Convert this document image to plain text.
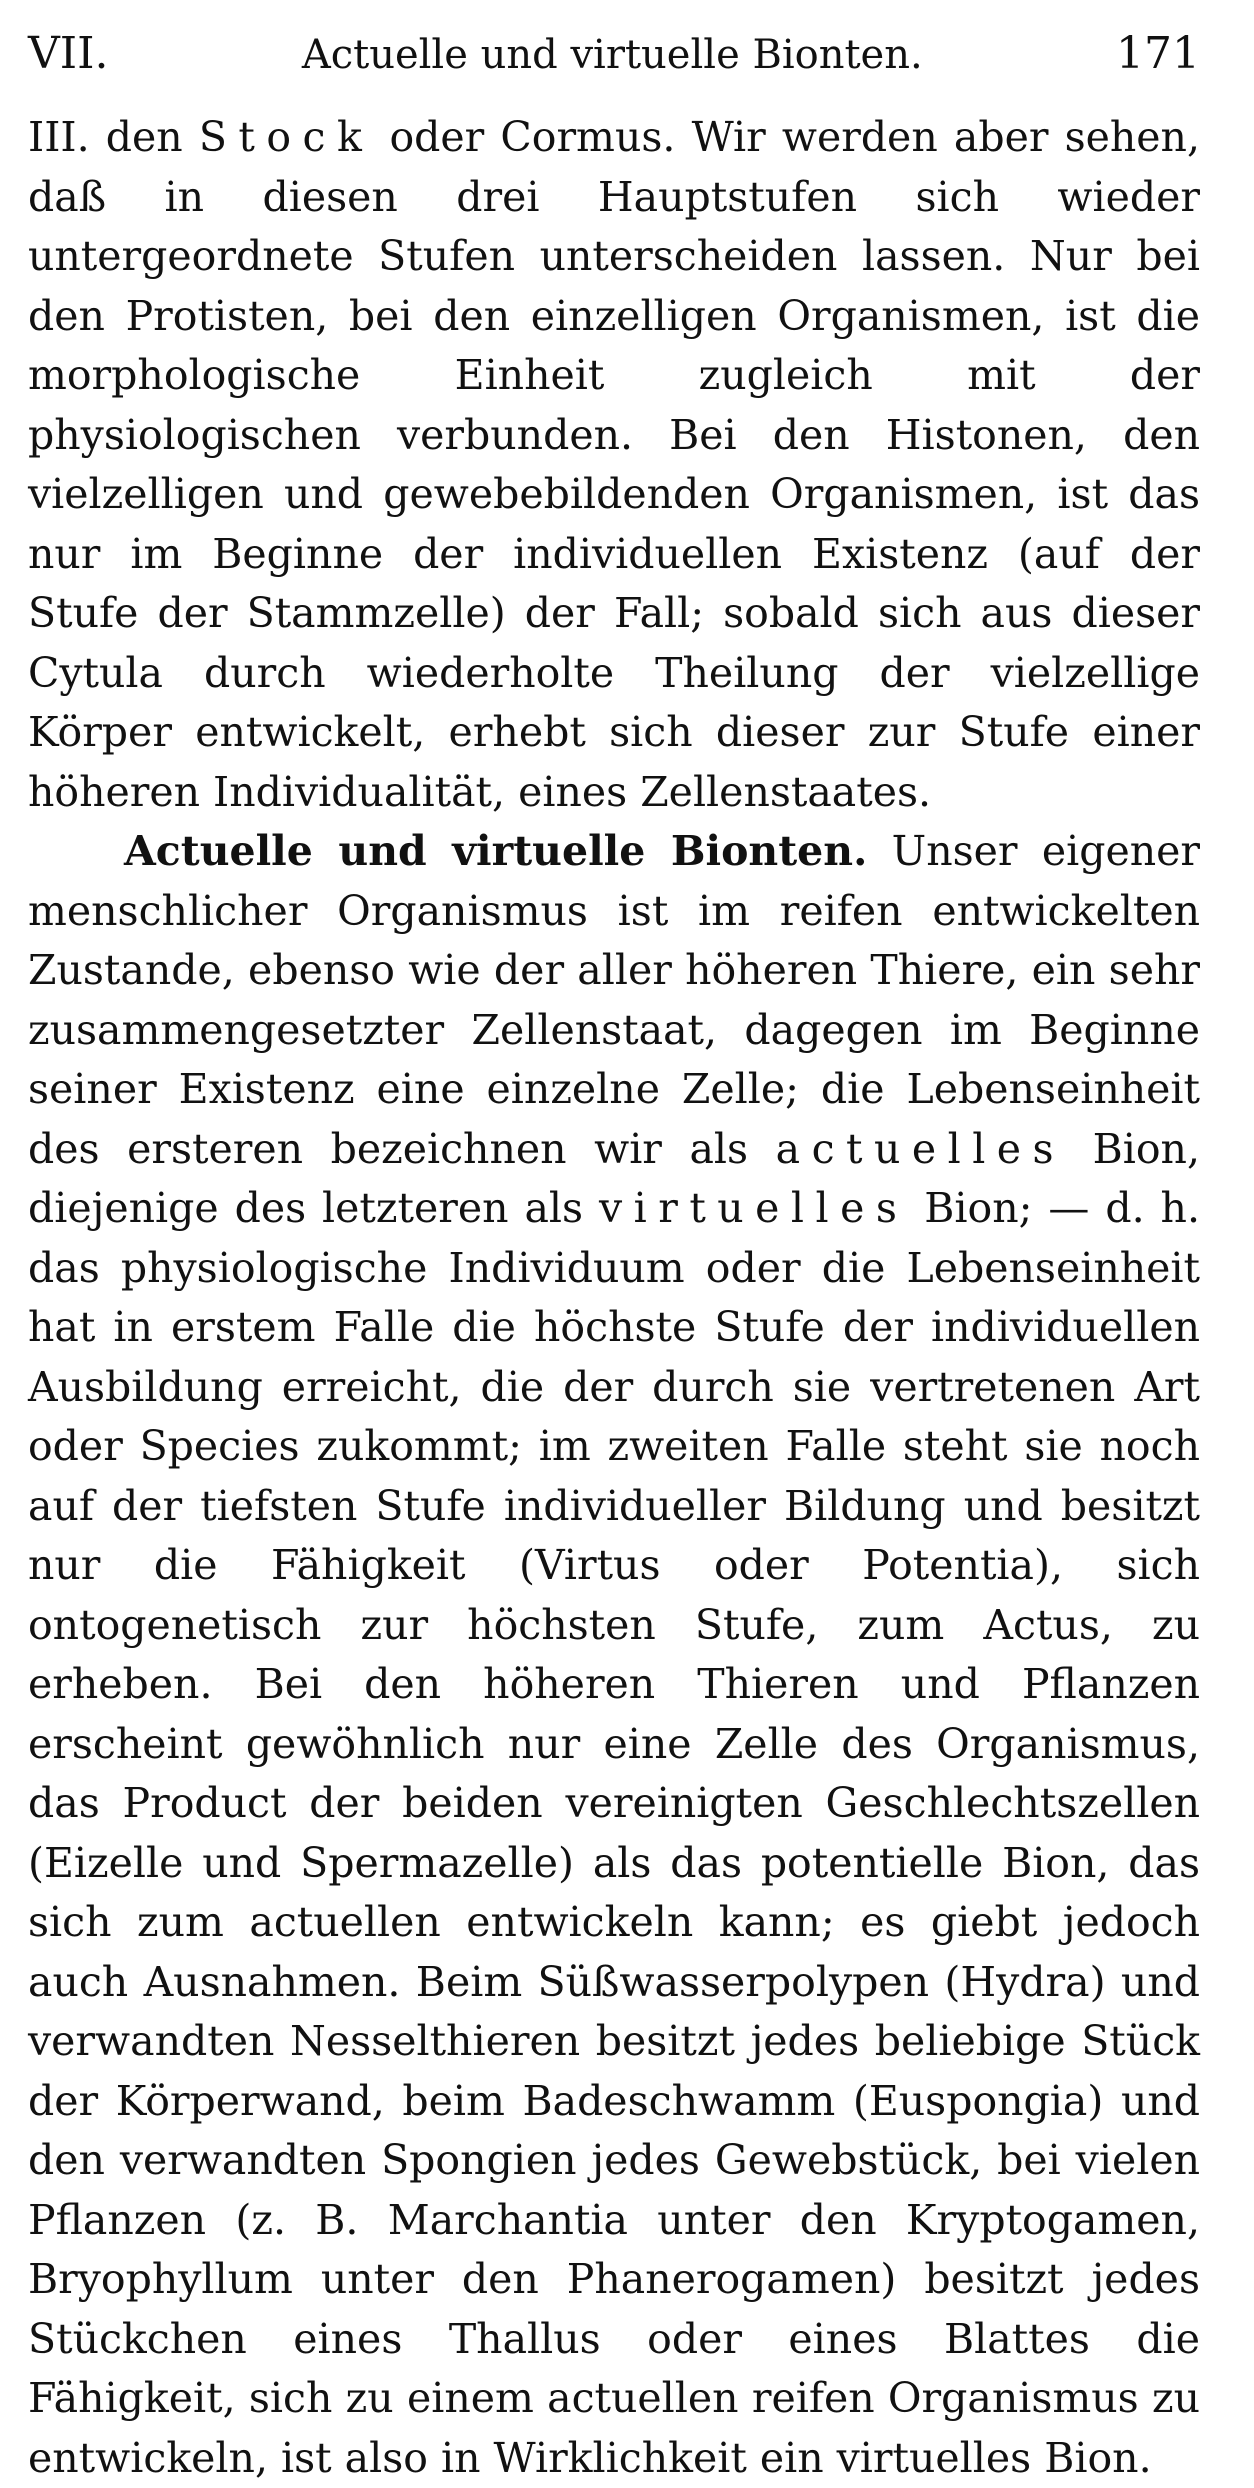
VII.	Actuelle und virtuelle Bionten.	171

III. den Stock oder Cormus. Wir werden aber sehen, daß in diesen drei Hauptstufen sich wieder untergeordnete Stufen unterscheiden lassen. Nur bei den Protisten, bei den einzelligen Organismen, ist die morphologische Einheit zugleich mit der physiologischen verbunden. Bei den Histonen, den vielzelligen und gewebebildenden Organismen, ist das nur im Beginne der individuellen Existenz (auf der Stufe der Stammzelle) der Fall; sobald sich aus dieser Cytula durch wiederholte Theilung der vielzellige Körper entwickelt, erhebt sich dieser zur Stufe einer höheren Individualität, eines Zellenstaates.

Actuelle und virtuelle Bionten. Unser eigener menschlicher Organismus ist im reifen entwickelten Zustande, ebenso wie der aller höheren Thiere, ein sehr zusammengesetzter Zellenstaat, dagegen im Beginne seiner Existenz eine einzelne Zelle; die Lebenseinheit des ersteren bezeichnen wir als actuelles Bion, diejenige des letzteren als virtuelles Bion; — d. h. das physiologische Individuum oder die Lebenseinheit hat in erstem Falle die höchste Stufe der individuellen Ausbildung erreicht, die der durch sie vertretenen Art oder Species zukommt; im zweiten Falle steht sie noch auf der tiefsten Stufe individueller Bildung und besitzt nur die Fähigkeit (Virtus oder Potentia), sich ontogenetisch zur höchsten Stufe, zum Actus, zu erheben. Bei den höheren Thieren und Pflanzen erscheint gewöhnlich nur eine Zelle des Organismus, das Product der beiden vereinigten Geschlechtszellen (Eizelle und Spermazelle) als das potentielle Bion, das sich zum actuellen entwickeln kann; es giebt jedoch auch Ausnahmen. Beim Süßwasserpolypen (Hydra) und verwandten Nesselthieren besitzt jedes beliebige Stück der Körperwand, beim Badeschwamm (Euspongia) und den verwandten Spongien jedes Gewebstück, bei vielen Pflanzen (z. B. Marchantia unter den Kryptogamen, Bryophyllum unter den Phanerogamen) besitzt jedes Stückchen eines Thallus oder eines Blattes die Fähigkeit, sich zu einem actuellen reifen Organismus zu entwickeln, ist also in Wirklichkeit ein virtuelles Bion.
